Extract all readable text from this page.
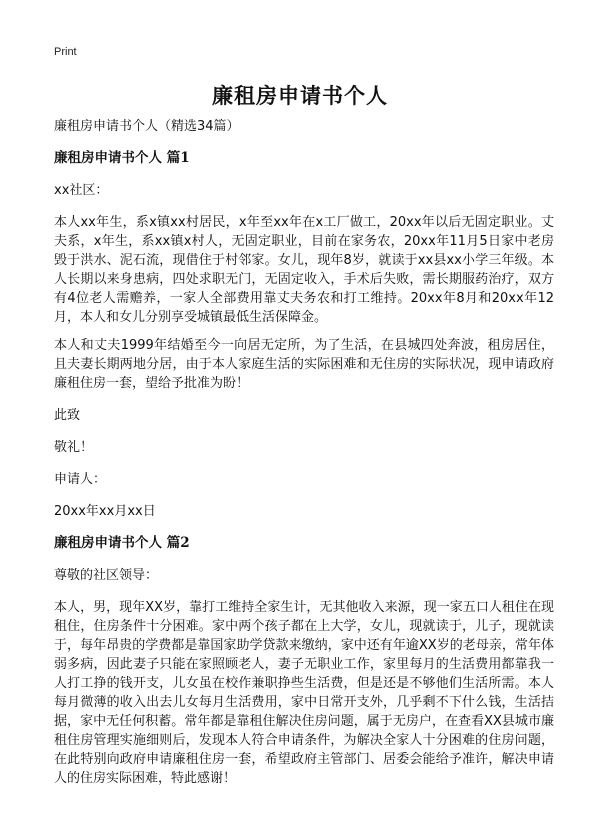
Print
廉租房申请书个人
廉租房申请书个人（精选34篇）
廉租房申请书个人 篇1
xx社区：
本人xx年生，系x镇xx村居民，x年至xx年在x工厂做工，20xx年以后无固定职业。丈夫系，x年生，系xx镇x村人，无固定职业，目前在家务农，20xx年11月5日家中老房毁于洪水、泥石流，现借住于村邻家。女儿，现年8岁，就读于xx县xx小学三年级。本人长期以来身患病，四处求职无门，无固定收入，手术后失败，需长期服药治疗，双方有4位老人需赡养，一家人全部费用靠丈夫务农和打工维持。20xx年8月和20xx年12月，本人和女儿分别享受城镇最低生活保障金。
本人和丈夫1999年结婚至今一向居无定所，为了生活，在县城四处奔波，租房居住，且夫妻长期两地分居，由于本人家庭生活的实际困难和无住房的实际状况，现申请政府廉租住房一套，望给予批准为盼！
此致
敬礼！
申请人：
20xx年xx月xx日
廉租房申请书个人 篇2
尊敬的社区领导：
本人，男，现年XX岁，靠打工维持全家生计，无其他收入来源，现一家五口人租住在现租住，住房条件十分困难。家中两个孩子都在上大学，女儿，现就读于，儿子，现就读于，每年昂贵的学费都是靠国家助学贷款来缴纳，家中还有年逾XX岁的老母亲，常年体弱多病，因此妻子只能在家照顾老人，妻子无职业工作，家里每月的生活费用都靠我一人打工挣的钱开支，儿女虽在校作兼职挣些生活费，但是还是不够他们生活所需。本人每月微薄的收入出去儿女每月生活费用，家中日常开支外，几乎剩不下什么钱，生活拮据，家中无任何积蓄。常年都是靠租住解决住房问题，属于无房户，在查看XX县城市廉租住房管理实施细则后，发现本人符合申请条件，为解决全家人十分困难的住房问题，在此特别向政府申请廉租住房一套，希望政府主管部门、居委会能给予准许，解决申请人的住房实际困难，特此感谢！
